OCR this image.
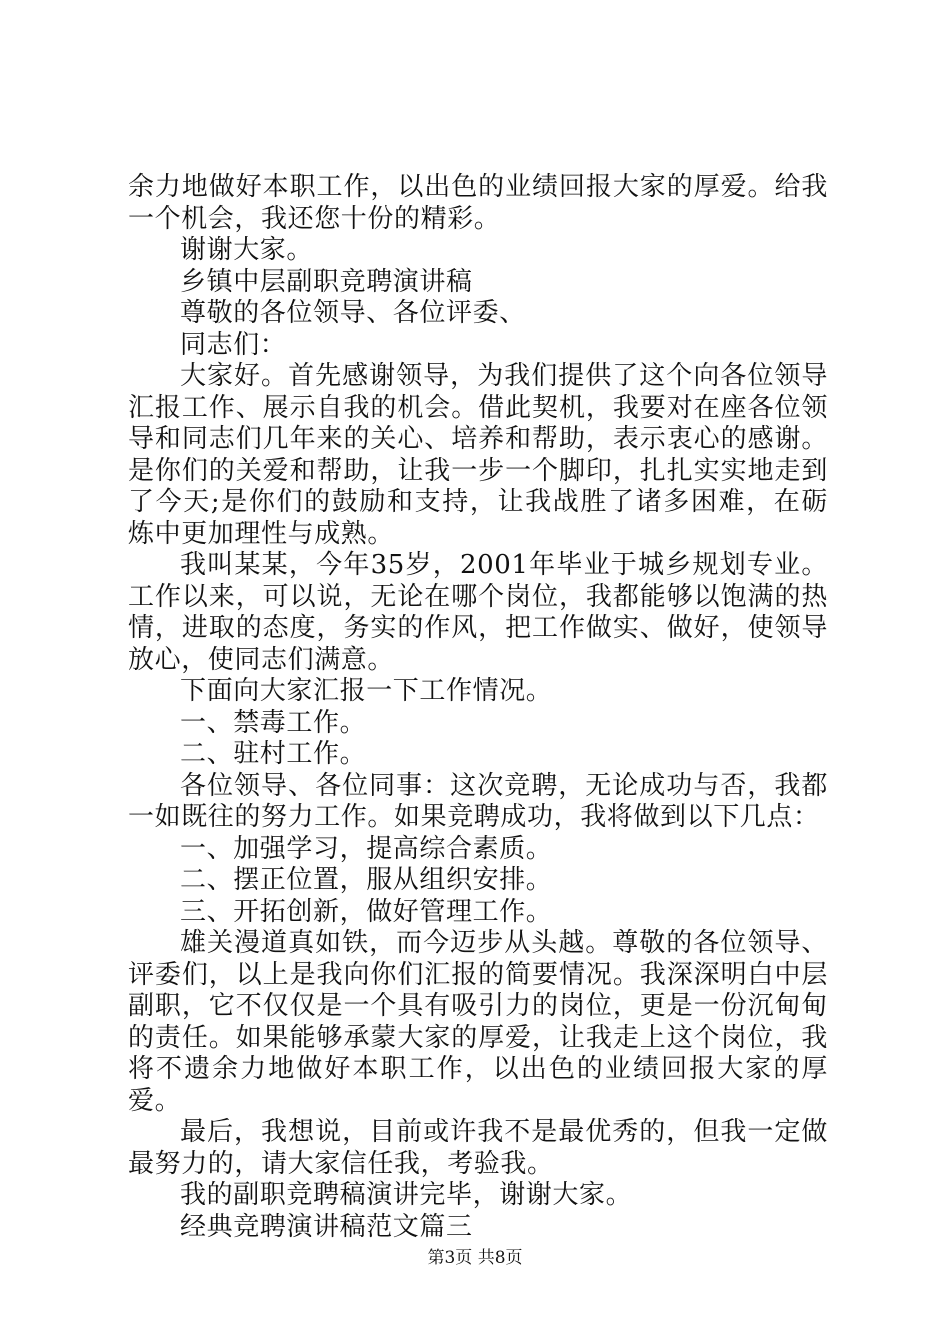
余力地做好本职工作，以出色的业绩回报大家的厚爱。给我一个机会，我还您十份的精彩。

谢谢大家。

乡镇中层副职竞聘演讲稿

尊敬的各位领导、各位评委、

同志们：

大家好。首先感谢领导，为我们提供了这个向各位领导汇报工作、展示自我的机会。借此契机，我要对在座各位领导和同志们几年来的关心、培养和帮助，表示衷心的感谢。是你们的关爱和帮助，让我一步一个脚印，扎扎实实地走到了今天;是你们的鼓励和支持，让我战胜了诸多困难，在砺炼中更加理性与成熟。

我叫某某，今年35岁，2001年毕业于城乡规划专业。工作以来，可以说，无论在哪个岗位，我都能够以饱满的热情，进取的态度，务实的作风，把工作做实、做好，使领导放心，使同志们满意。

下面向大家汇报一下工作情况。

一、禁毒工作。

二、驻村工作。

各位领导、各位同事：这次竞聘，无论成功与否，我都一如既往的努力工作。如果竞聘成功，我将做到以下几点：

一、加强学习，提高综合素质。

二、摆正位置，服从组织安排。

三、开拓创新，做好管理工作。

雄关漫道真如铁，而今迈步从头越。尊敬的各位领导、评委们，以上是我向你们汇报的简要情况。我深深明白中层副职，它不仅仅是一个具有吸引力的岗位，更是一份沉甸甸的责任。如果能够承蒙大家的厚爱，让我走上这个岗位，我将不遗余力地做好本职工作，以出色的业绩回报大家的厚爱。

最后，我想说，目前或许我不是最优秀的，但我一定做最努力的，请大家信任我，考验我。

我的副职竞聘稿演讲完毕，谢谢大家。

经典竞聘演讲稿范文篇三

第3页 共8页
